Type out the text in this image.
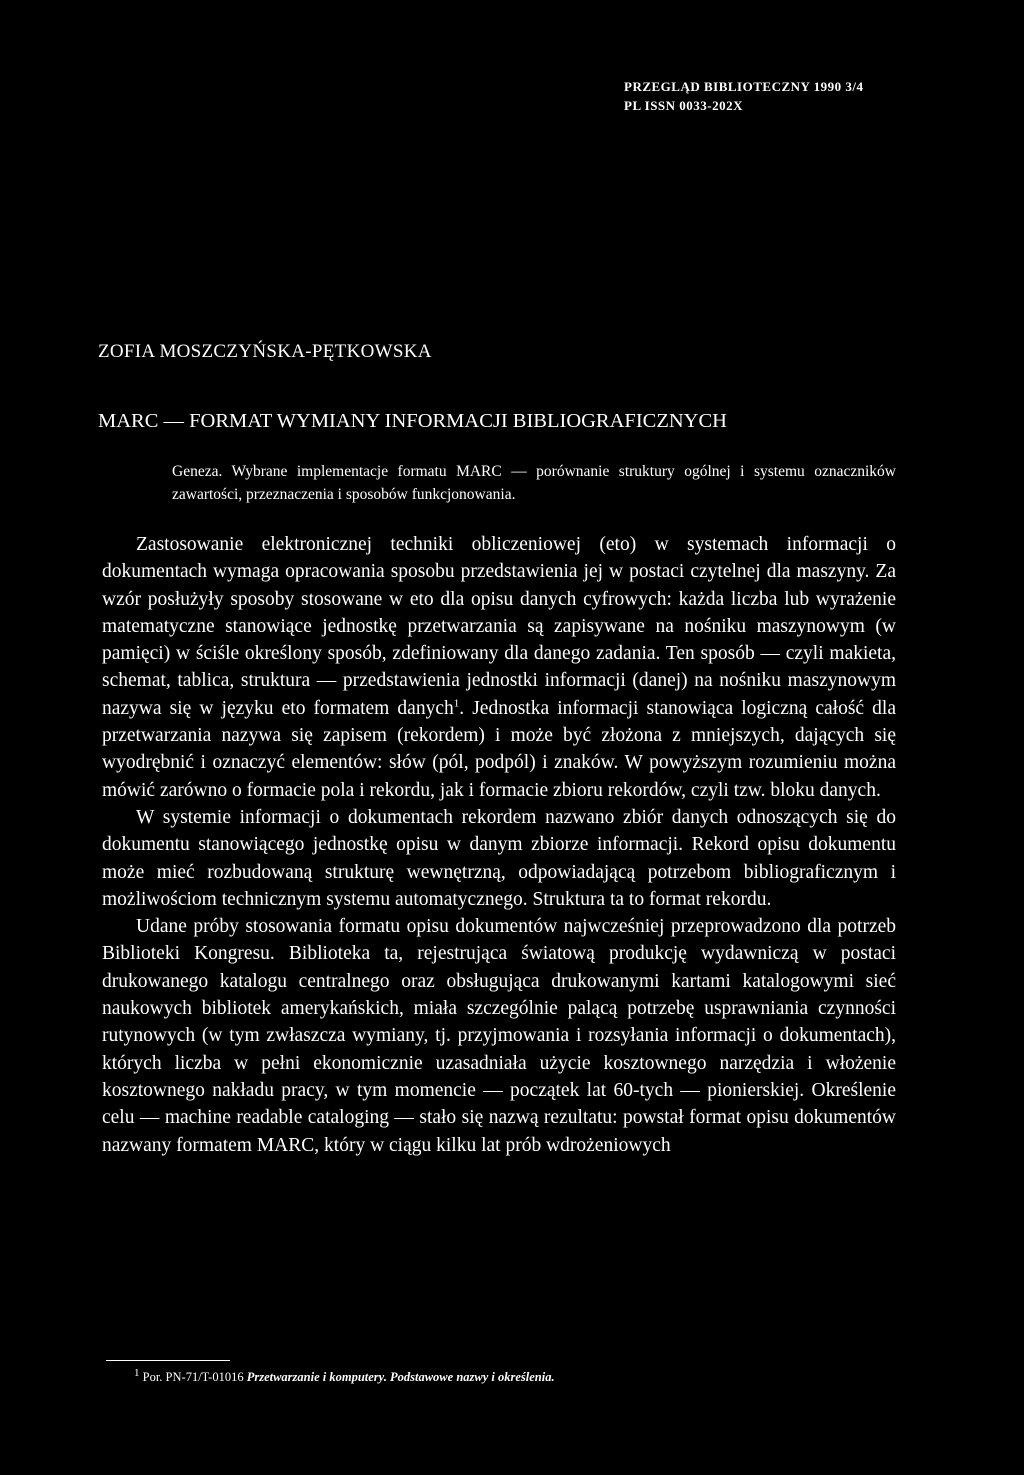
PRZEGLĄD BIBLIOTECZNY 1990 3/4
PL ISSN 0033-202X
ZOFIA MOSZCZYŃSKA-PĘTKOWSKA
MARC — FORMAT WYMIANY INFORMACJI BIBLIOGRAFICZNYCH
Geneza. Wybrane implementacje formatu MARC — porównanie struktury ogólnej i systemu oznaczników zawartości, przeznaczenia i sposobów funkcjonowania.

Zastosowanie elektronicznej techniki obliczeniowej (eto) w systemach informacji o dokumentach wymaga opracowania sposobu przedstawienia jej w postaci czytelnej dla maszyny. Za wzór posłużyły sposoby stosowane w eto dla opisu danych cyfrowych: każda liczba lub wyrażenie matematyczne stanowiące jednostkę przetwarzania są zapisywane na nośniku maszynowym (w pamięci) w ściśle określony sposób, zdefiniowany dla danego zadania. Ten sposób — czyli makieta, schemat, tablica, struktura — przedstawienia jednostki informacji (danej) na nośniku maszynowym nazywa się w języku eto formatem danych$^1$. Jednostka informacji stanowiąca logiczną całość dla przetwarzania nazywa się zapisem (rekordem) i może być złożona z mniejszych, dających się wyodrębnić i oznaczyć elementów: słów (pól, podpól) i znaków. W powyższym rozumieniu można mówić zarówno o formacie pola i rekordu, jak i formacie zbioru rekordów, czyli tzw. bloku danych.

W systemie informacji o dokumentach rekordem nazwano zbiór danych odnoszących się do dokumentu stanowiącego jednostkę opisu w danym zbiorze informacji. Rekord opisu dokumentu może mieć rozbudowaną strukturę wewnętrzną, odpowiadającą potrzebom bibliograficznym i możliwościom technicznym systemu automatycznego. Struktura ta to format rekordu.

Udane próby stosowania formatu opisu dokumentów najwcześniej przeprowadzono dla potrzeb Biblioteki Kongresu. Biblioteka ta, rejestrująca światową produkcję wydawniczą w postaci drukowanego katalogu centralnego oraz obsługująca drukowanymi kartami katalogowymi sieć naukowych bibliotek amerykańskich, miała szczególnie palącą potrzebę usprawniania czynności rutynowych (w tym zwłaszcza wymiany, tj. przyjmowania i rozsyłania informacji o dokumentach), których liczba w pełni ekonomicznie uzasadniała użycie kosztownego narzędzia i włożenie kosztownego nakładu pracy, w tym momencie — początek lat 60-tych — pionierskiej. Określenie celu — machine readable cataloging — stało się nazwą rezultatu: powstał format opisu dokumentów nazwany formatem MARC, który w ciągu kilku lat prób wdrożeniowych

$^1$ Por. PN-71/T-01016 Przetwarzanie i komputery. Podstawowe nazwy i określenia.
